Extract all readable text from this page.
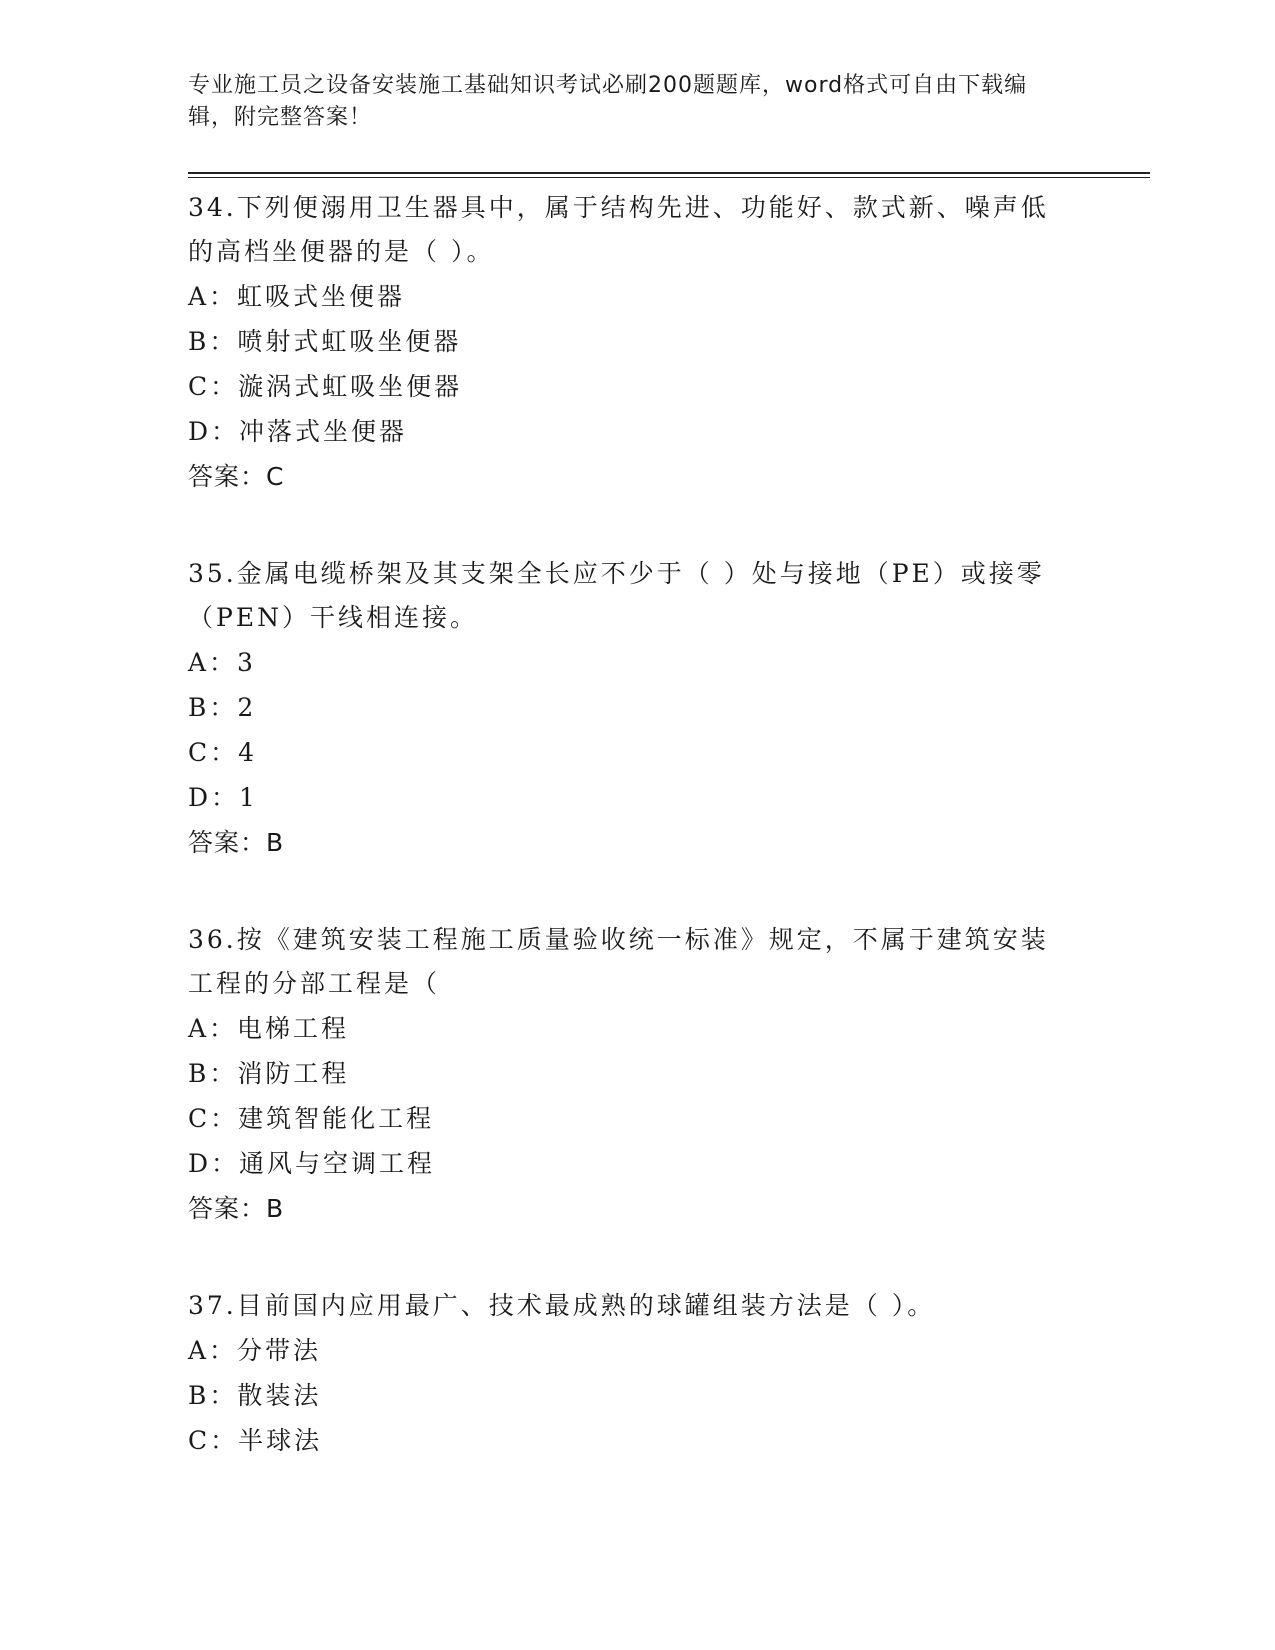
专业施工员之设备安装施工基础知识考试必刷200题题库，word格式可自由下载编辑，附完整答案！

34.下列便溺用卫生器具中，属于结构先进、功能好、款式新、噪声低的高档坐便器的是（ ）。

A：虹吸式坐便器
B：喷射式虹吸坐便器
C：漩涡式虹吸坐便器
D：冲落式坐便器
答案：C

35.金属电缆桥架及其支架全长应不少于（ ）处与接地（PE）或接零（PEN）干线相连接。

A：3
B：2
C：4
D：1
答案：B

36.按《建筑安装工程施工质量验收统一标准》规定，不属于建筑安装工程的分部工程是（

A：电梯工程
B：消防工程
C：建筑智能化工程
D：通风与空调工程
答案：B

37.目前国内应用最广、技术最成熟的球罐组装方法是（ ）。

A：分带法
B：散装法
C：半球法
